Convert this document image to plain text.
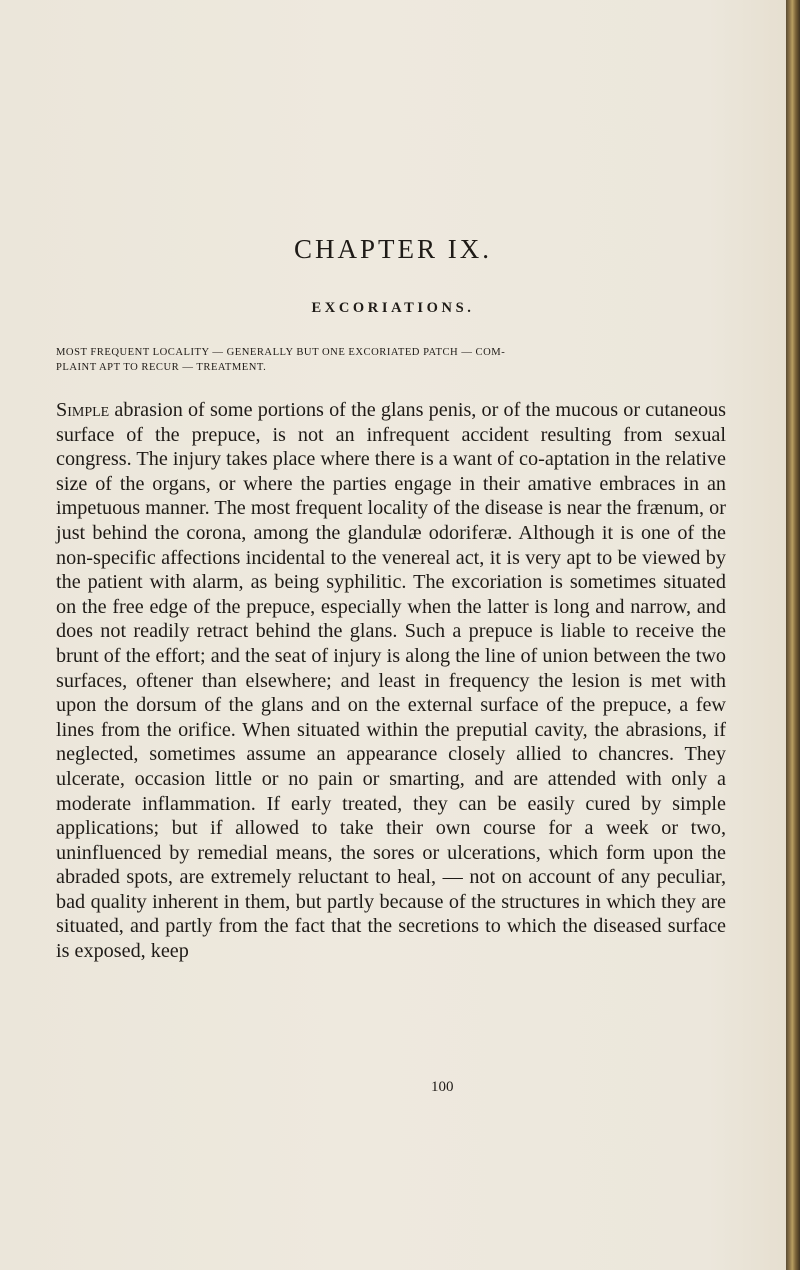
CHAPTER IX.
EXCORIATIONS.

MOST FREQUENT LOCALITY — GENERALLY BUT ONE EXCORIATED PATCH — COM-
PLAINT APT TO RECUR — TREATMENT.

Simple abrasion of some portions of the glans penis, or of the mucous or cutaneous surface of the prepuce, is not an infrequent accident resulting from sexual congress. The injury takes place where there is a want of co-aptation in the relative size of the organs, or where the parties engage in their amative embraces in an impetuous manner. The most frequent locality of the disease is near the frænum, or just behind the corona, among the glandulæ odoriferæ. Although it is one of the non-specific affections incidental to the venereal act, it is very apt to be viewed by the patient with alarm, as being syphilitic. The excoriation is sometimes situated on the free edge of the prepuce, especially when the latter is long and narrow, and does not readily retract behind the glans. Such a prepuce is liable to receive the brunt of the effort; and the seat of injury is along the line of union between the two surfaces, oftener than elsewhere; and least in frequency the lesion is met with upon the dorsum of the glans and on the external surface of the prepuce, a few lines from the orifice. When situated within the preputial cavity, the abrasions, if neglected, sometimes assume an appearance closely allied to chancres. They ulcerate, occasion little or no pain or smarting, and are attended with only a moderate inflammation. If early treated, they can be easily cured by simple applications; but if allowed to take their own course for a week or two, uninfluenced by remedial means, the sores or ulcerations, which form upon the abraded spots, are extremely reluctant to heal, — not on account of any peculiar, bad quality inherent in them, but partly because of the structures in which they are situated, and partly from the fact that the secretions to which the diseased surface is exposed, keep

100
